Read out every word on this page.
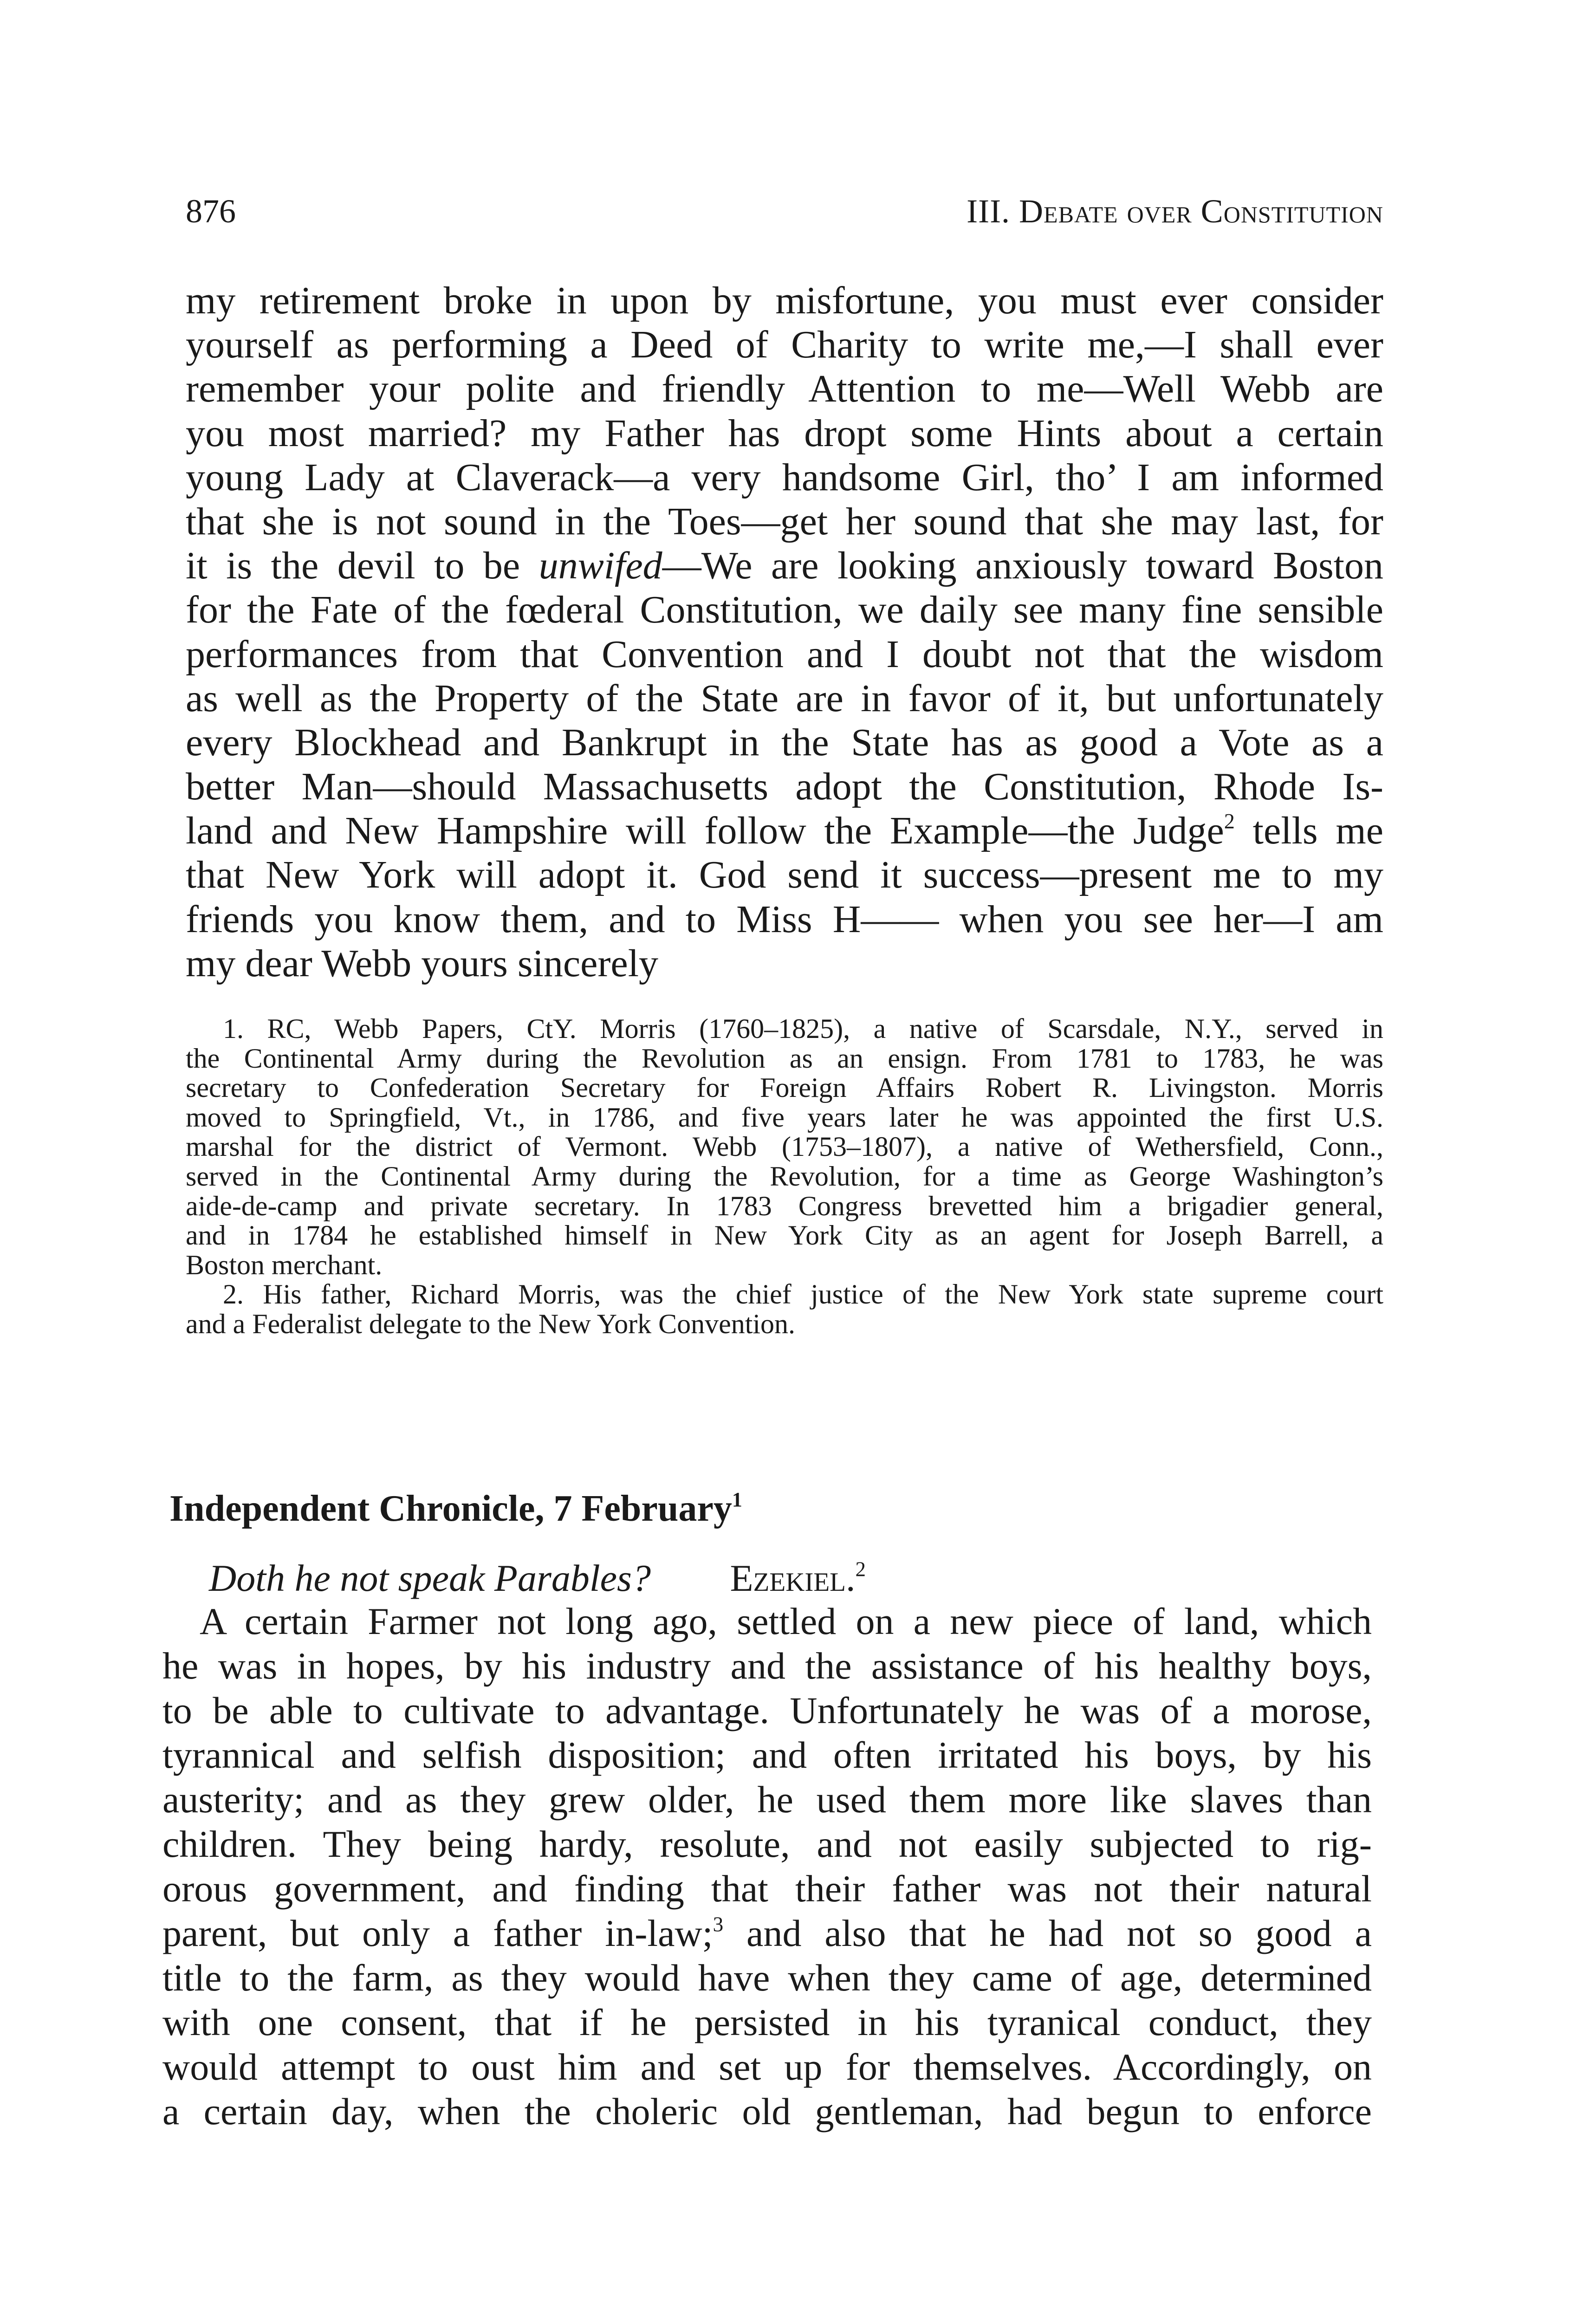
876	III. Debate over Constitution
my retirement broke in upon by misfortune, you must ever consider
yourself as performing a Deed of Charity to write me,—I shall ever
remember your polite and friendly Attention to me—Well Webb are
you most married? my Father has dropt some Hints about a certain
young Lady at Claverack—a very handsome Girl, tho’ I am informed
that she is not sound in the Toes—get her sound that she may last, for
it is the devil to be unwifed—We are looking anxiously toward Boston
for the Fate of the fœderal Constitution, we daily see many fine sensible
performances from that Convention and I doubt not that the wisdom
as well as the Property of the State are in favor of it, but unfortunately
every Blockhead and Bankrupt in the State has as good a Vote as a
better Man—should Massachusetts adopt the Constitution, Rhode Is-
land and New Hampshire will follow the Example—the Judge$^2$ tells me
that New York will adopt it. God send it success—present me to my
friends you know them, and to Miss H—— when you see her—I am
my dear Webb yours sincerely
1. RC, Webb Papers, CtY. Morris (1760–1825), a native of Scarsdale, N.Y., served in
the Continental Army during the Revolution as an ensign. From 1781 to 1783, he was
secretary to Confederation Secretary for Foreign Affairs Robert R. Livingston. Morris
moved to Springfield, Vt., in 1786, and five years later he was appointed the first U.S.
marshal for the district of Vermont. Webb (1753–1807), a native of Wethersfield, Conn.,
served in the Continental Army during the Revolution, for a time as George Washington’s
aide-de-camp and private secretary. In 1783 Congress brevetted him a brigadier general,
and in 1784 he established himself in New York City as an agent for Joseph Barrell, a
Boston merchant.
2. His father, Richard Morris, was the chief justice of the New York state supreme court
and a Federalist delegate to the New York Convention.
Independent Chronicle, 7 February$^1$
Doth he not speak Parables? Ezekiel.$^2$
A certain Farmer not long ago, settled on a new piece of land, which
he was in hopes, by his industry and the assistance of his healthy boys,
to be able to cultivate to advantage. Unfortunately he was of a morose,
tyrannical and selfish disposition; and often irritated his boys, by his
austerity; and as they grew older, he used them more like slaves than
children. They being hardy, resolute, and not easily subjected to rig-
orous government, and finding that their father was not their natural
parent, but only a father in-law;$^3$ and also that he had not so good a
title to the farm, as they would have when they came of age, determined
with one consent, that if he persisted in his tyranical conduct, they
would attempt to oust him and set up for themselves. Accordingly, on
a certain day, when the choleric old gentleman, had begun to enforce
